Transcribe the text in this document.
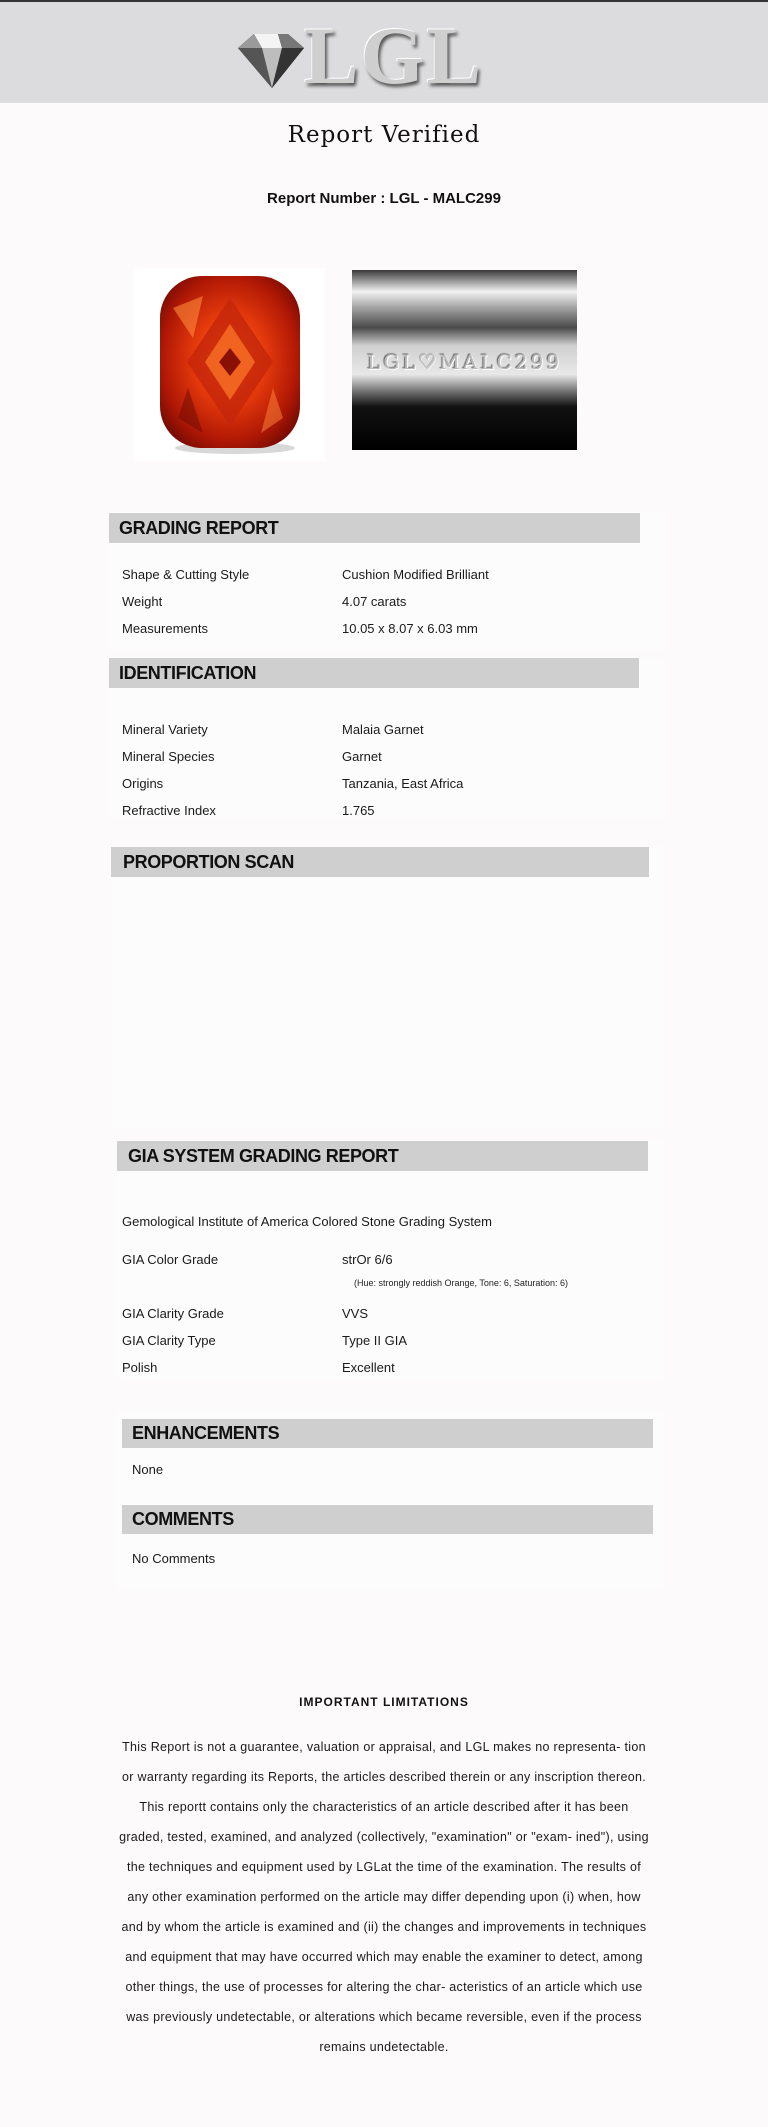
LGL
Report Verified
Report Number : LGL - MALC299
LGL♡MALC299
GRADING REPORT
Shape & Cutting Style	Cushion Modified Brilliant
Weight	4.07 carats
Measurements	10.05 x 8.07 x 6.03 mm
IDENTIFICATION
Mineral Variety	Malaia Garnet
Mineral Species	Garnet
Origins	Tanzania, East Africa
Refractive Index	1.765
PROPORTION SCAN
GIA SYSTEM GRADING REPORT
Gemological Institute of America Colored Stone Grading System
GIA Color Grade	strOr 6/6
(Hue: strongly reddish Orange, Tone: 6, Saturation: 6)
GIA Clarity Grade	VVS
GIA Clarity Type	Type II GIA
Polish	Excellent
ENHANCEMENTS
None
COMMENTS
No Comments
IMPORTANT LIMITATIONS
This Report is not a guarantee, valuation or appraisal, and LGL makes no representa- tion or warranty regarding its Reports, the articles described therein or any inscription thereon. This reportt contains only the characteristics of an article described after it has been graded, tested, examined, and analyzed (collectively, "examination" or "exam- ined"), using the techniques and equipment used by LGLat the time of the examination. The results of any other examination performed on the article may differ depending upon (i) when, how and by whom the article is examined and (ii) the changes and improvements in techniques and equipment that may have occurred which may enable the examiner to detect, among other things, the use of processes for altering the char- acteristics of an article which use was previously undetectable, or alterations which became reversible, even if the process remains undetectable.
